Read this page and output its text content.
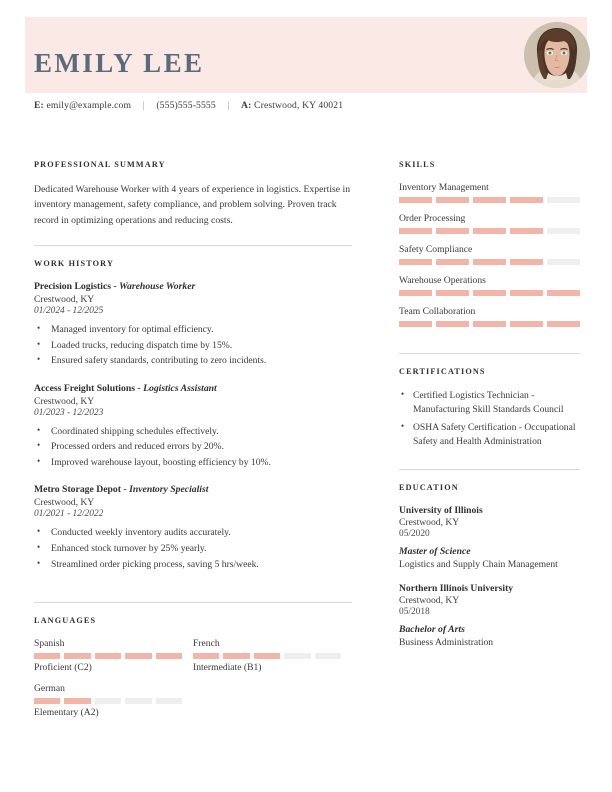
EMILY LEE
E: emily@example.com | (555)555-5555 | A: Crestwood, KY 40021
PROFESSIONAL SUMMARY
Dedicated Warehouse Worker with 4 years of experience in logistics. Expertise in inventory management, safety compliance, and problem solving. Proven track record in optimizing operations and reducing costs.
WORK HISTORY
Precision Logistics - Warehouse Worker
Crestwood, KY
01/2024 - 12/2025
• Managed inventory for optimal efficiency.
• Loaded trucks, reducing dispatch time by 15%.
• Ensured safety standards, contributing to zero incidents.
Access Freight Solutions - Logistics Assistant
Crestwood, KY
01/2023 - 12/2023
• Coordinated shipping schedules effectively.
• Processed orders and reduced errors by 20%.
• Improved warehouse layout, boosting efficiency by 10%.
Metro Storage Depot - Inventory Specialist
Crestwood, KY
01/2021 - 12/2022
• Conducted weekly inventory audits accurately.
• Enhanced stock turnover by 25% yearly.
• Streamlined order picking process, saving 5 hrs/week.
LANGUAGES
Spanish
Proficient (C2)
French
Intermediate (B1)
German
Elementary (A2)
SKILLS
Inventory Management
Order Processing
Safety Compliance
Warehouse Operations
Team Collaboration
CERTIFICATIONS
• Certified Logistics Technician - Manufacturing Skill Standards Council
• OSHA Safety Certification - Occupational Safety and Health Administration
EDUCATION
University of Illinois
Crestwood, KY
05/2020
Master of Science
Logistics and Supply Chain Management
Northern Illinois University
Crestwood, KY
05/2018
Bachelor of Arts
Business Administration
